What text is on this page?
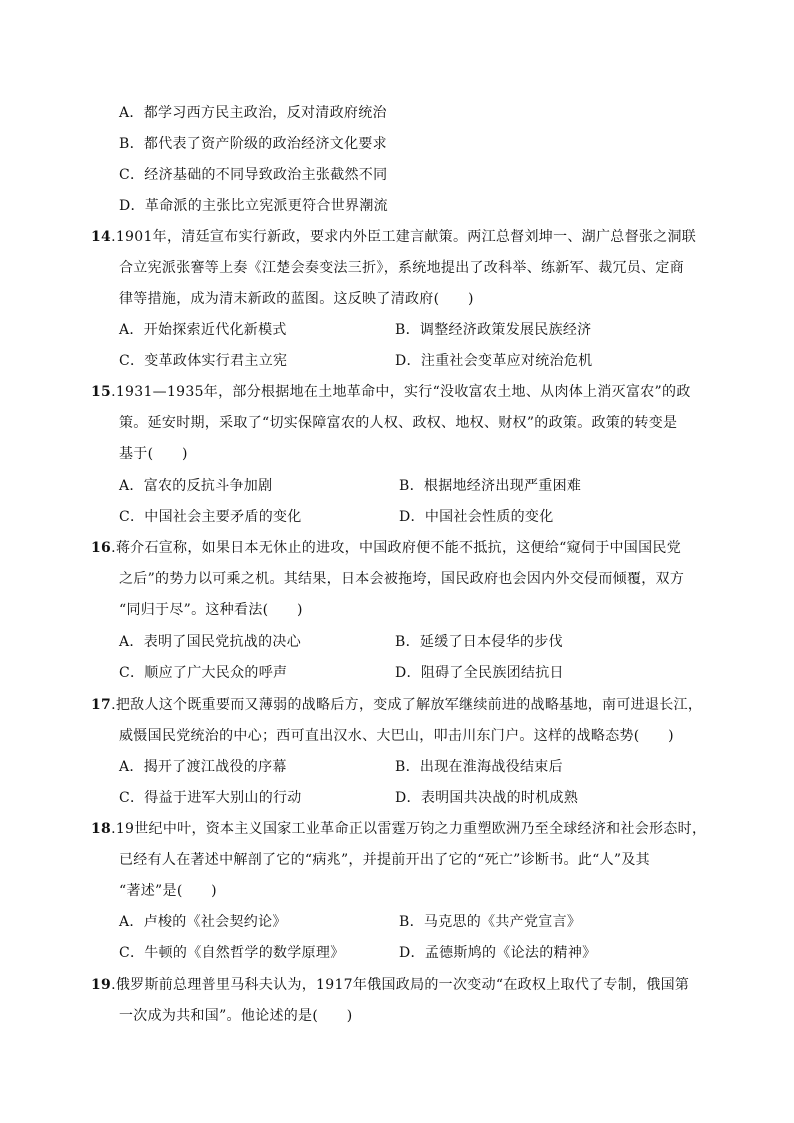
A．都学习西方民主政治，反对清政府统治
B．都代表了资产阶级的政治经济文化要求
C．经济基础的不同导致政治主张截然不同
D．革命派的主张比立宪派更符合世界潮流
14.1901年，清廷宣布实行新政，要求内外臣工建言献策。两江总督刘坤一、湖广总督张之洞联
合立宪派张謇等上奏《江楚会奏变法三折》，系统地提出了改科举、练新军、裁冗员、定商
律等措施，成为清末新政的蓝图。这反映了清政府(　　)
A．开始探索近代化新模式	B．调整经济政策发展民族经济
C．变革政体实行君主立宪	D．注重社会变革应对统治危机
15.1931—1935年，部分根据地在土地革命中，实行“没收富农土地、从肉体上消灭富农”的政
策。延安时期，采取了“切实保障富农的人权、政权、地权、财权”的政策。政策的转变是
基于(　　)
A．富农的反抗斗争加剧	B．根据地经济出现严重困难
C．中国社会主要矛盾的变化	D．中国社会性质的变化
16.蒋介石宣称，如果日本无休止的进攻，中国政府便不能不抵抗，这便给“窥伺于中国国民党
之后”的势力以可乘之机。其结果，日本会被拖垮，国民政府也会因内外交侵而倾覆，双方
“同归于尽”。这种看法(　　)
A．表明了国民党抗战的决心	B．延缓了日本侵华的步伐
C．顺应了广大民众的呼声	D．阻碍了全民族团结抗日
17.把敌人这个既重要而又薄弱的战略后方，变成了解放军继续前进的战略基地，南可进退长江，
威慑国民党统治的中心；西可直出汉水、大巴山，叩击川东门户。这样的战略态势(　　)
A．揭开了渡江战役的序幕	B．出现在淮海战役结束后
C．得益于进军大别山的行动	D．表明国共决战的时机成熟
18.19世纪中叶，资本主义国家工业革命正以雷霆万钧之力重塑欧洲乃至全球经济和社会形态时，
已经有人在著述中解剖了它的“病兆”，并提前开出了它的“死亡”诊断书。此“人”及其
“著述”是(　　)
A．卢梭的《社会契约论》	B．马克思的《共产党宣言》
C．牛顿的《自然哲学的数学原理》	D．孟德斯鸠的《论法的精神》
19.俄罗斯前总理普里马科夫认为，1917年俄国政局的一次变动“在政权上取代了专制，俄国第
一次成为共和国”。他论述的是(　　)
